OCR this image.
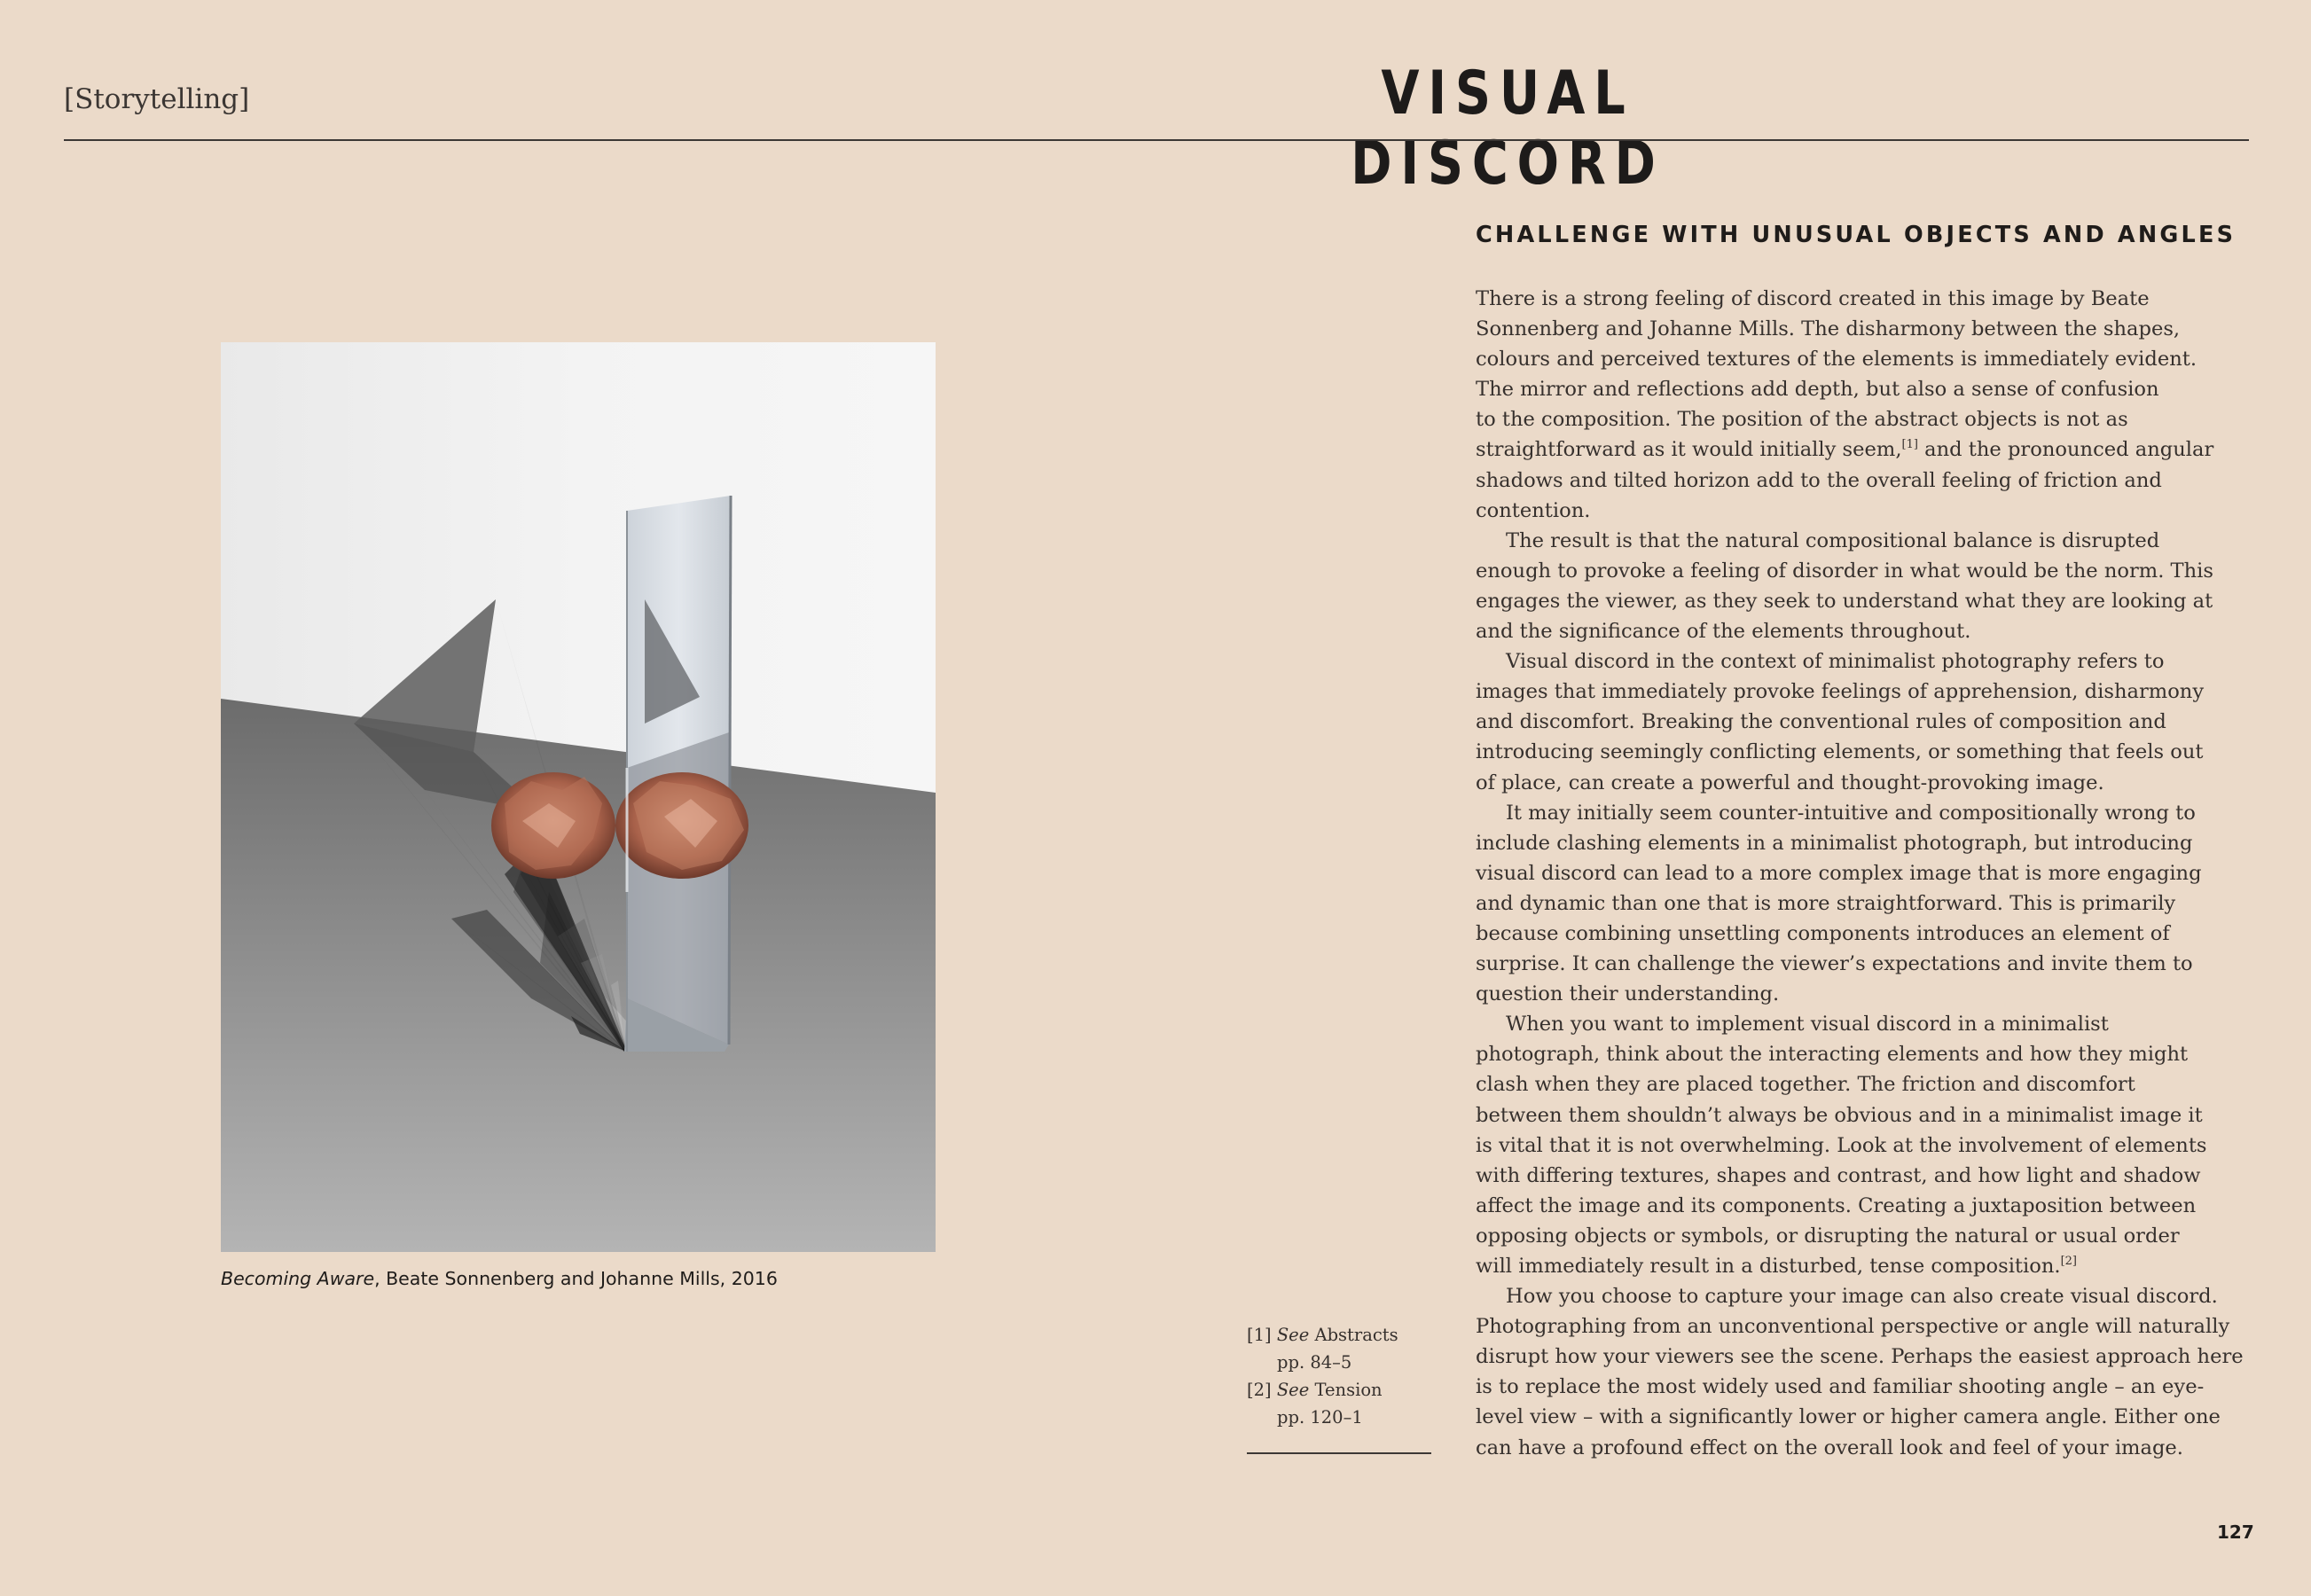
[Storytelling]	VISUAL DISCORD
Becoming Aware, Beate Sonnenberg and Johanne Mills, 2016
CHALLENGE WITH UNUSUAL OBJECTS AND ANGLES
There is a strong feeling of discord created in this image by Beate
Sonnenberg and Johanne Mills. The disharmony between the shapes,
colours and perceived textures of the elements is immediately evident.
The mirror and reflections add depth, but also a sense of confusion
to the composition. The position of the abstract objects is not as
straightforward as it would initially seem,[1] and the pronounced angular
shadows and tilted horizon add to the overall feeling of friction and
contention.
The result is that the natural compositional balance is disrupted
enough to provoke a feeling of disorder in what would be the norm. This
engages the viewer, as they seek to understand what they are looking at
and the significance of the elements throughout.
Visual discord in the context of minimalist photography refers to
images that immediately provoke feelings of apprehension, disharmony
and discomfort. Breaking the conventional rules of composition and
introducing seemingly conflicting elements, or something that feels out
of place, can create a powerful and thought-provoking image.
It may initially seem counter-intuitive and compositionally wrong to
include clashing elements in a minimalist photograph, but introducing
visual discord can lead to a more complex image that is more engaging
and dynamic than one that is more straightforward. This is primarily
because combining unsettling components introduces an element of
surprise. It can challenge the viewer’s expectations and invite them to
question their understanding.
When you want to implement visual discord in a minimalist
photograph, think about the interacting elements and how they might
clash when they are placed together. The friction and discomfort
between them shouldn’t always be obvious and in a minimalist image it
is vital that it is not overwhelming. Look at the involvement of elements
with differing textures, shapes and contrast, and how light and shadow
affect the image and its components. Creating a juxtaposition between
opposing objects or symbols, or disrupting the natural or usual order
will immediately result in a disturbed, tense composition.[2]
How you choose to capture your image can also create visual discord.
Photographing from an unconventional perspective or angle will naturally
disrupt how your viewers see the scene. Perhaps the easiest approach here
is to replace the most widely used and familiar shooting angle – an eye-
level view – with a significantly lower or higher camera angle. Either one
can have a profound effect on the overall look and feel of your image.
[1] See Abstracts
pp. 84–5
[2] See Tension
pp. 120–1
127
